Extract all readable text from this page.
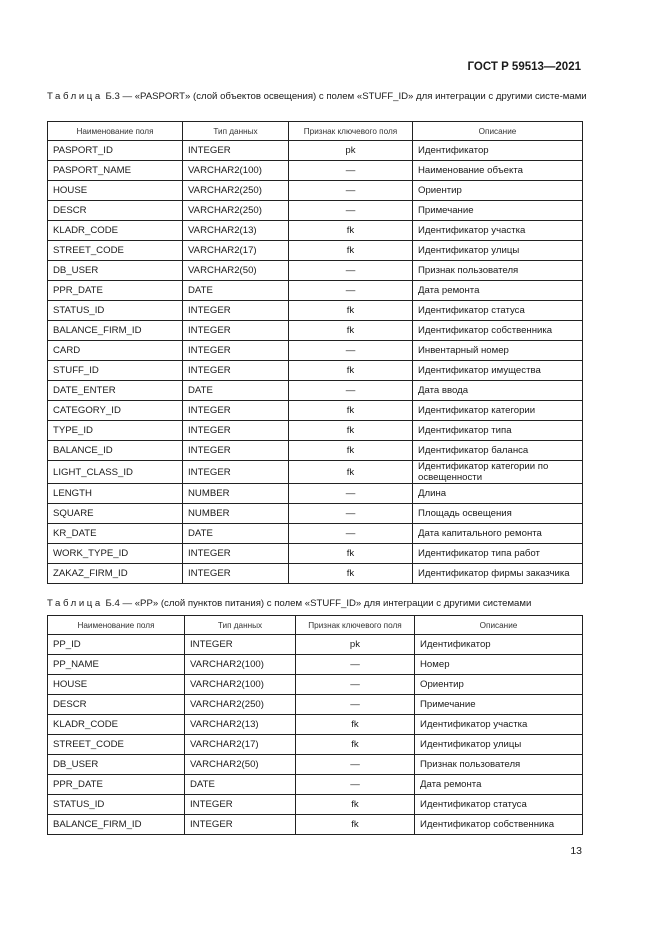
ГОСТ Р 59513—2021
Таблица Б.3 — «PASPORT» (слой объектов освещения) с полем «STUFF_ID» для интеграции с другими систе-мами
Наименование поля	Тип данных	Признак ключевого поля	Описание
PASPORT_ID	INTEGER	pk	Идентификатор
PASPORT_NAME	VARCHAR2(100)	—	Наименование объекта
HOUSE	VARCHAR2(250)	—	Ориентир
DESCR	VARCHAR2(250)	—	Примечание
KLADR_CODE	VARCHAR2(13)	fk	Идентификатор участка
STREET_CODE	VARCHAR2(17)	fk	Идентификатор улицы
DB_USER	VARCHAR2(50)	—	Признак пользователя
PPR_DATE	DATE	—	Дата ремонта
STATUS_ID	INTEGER	fk	Идентификатор статуса
BALANCE_FIRM_ID	INTEGER	fk	Идентификатор собственника
CARD	INTEGER	—	Инвентарный номер
STUFF_ID	INTEGER	fk	Идентификатор имущества
DATE_ENTER	DATE	—	Дата ввода
CATEGORY_ID	INTEGER	fk	Идентификатор категории
TYPE_ID	INTEGER	fk	Идентификатор типа
BALANCE_ID	INTEGER	fk	Идентификатор баланса
LIGHT_CLASS_ID	INTEGER	fk	Идентификатор категории по освещенности
LENGTH	NUMBER	—	Длина
SQUARE	NUMBER	—	Площадь освещения
KR_DATE	DATE	—	Дата капитального ремонта
WORK_TYPE_ID	INTEGER	fk	Идентификатор типа работ
ZAKAZ_FIRM_ID	INTEGER	fk	Идентификатор фирмы заказчика
Таблица Б.4 — «PP» (слой пунктов питания) с полем «STUFF_ID» для интеграции с другими системами
Наименование поля	Тип данных	Признак ключевого поля	Описание
PP_ID	INTEGER	pk	Идентификатор
PP_NAME	VARCHAR2(100)	—	Номер
HOUSE	VARCHAR2(100)	—	Ориентир
DESCR	VARCHAR2(250)	—	Примечание
KLADR_CODE	VARCHAR2(13)	fk	Идентификатор участка
STREET_CODE	VARCHAR2(17)	fk	Идентификатор улицы
DB_USER	VARCHAR2(50)	—	Признак пользователя
PPR_DATE	DATE	—	Дата ремонта
STATUS_ID	INTEGER	fk	Идентификатор статуса
BALANCE_FIRM_ID	INTEGER	fk	Идентификатор собственника
13
